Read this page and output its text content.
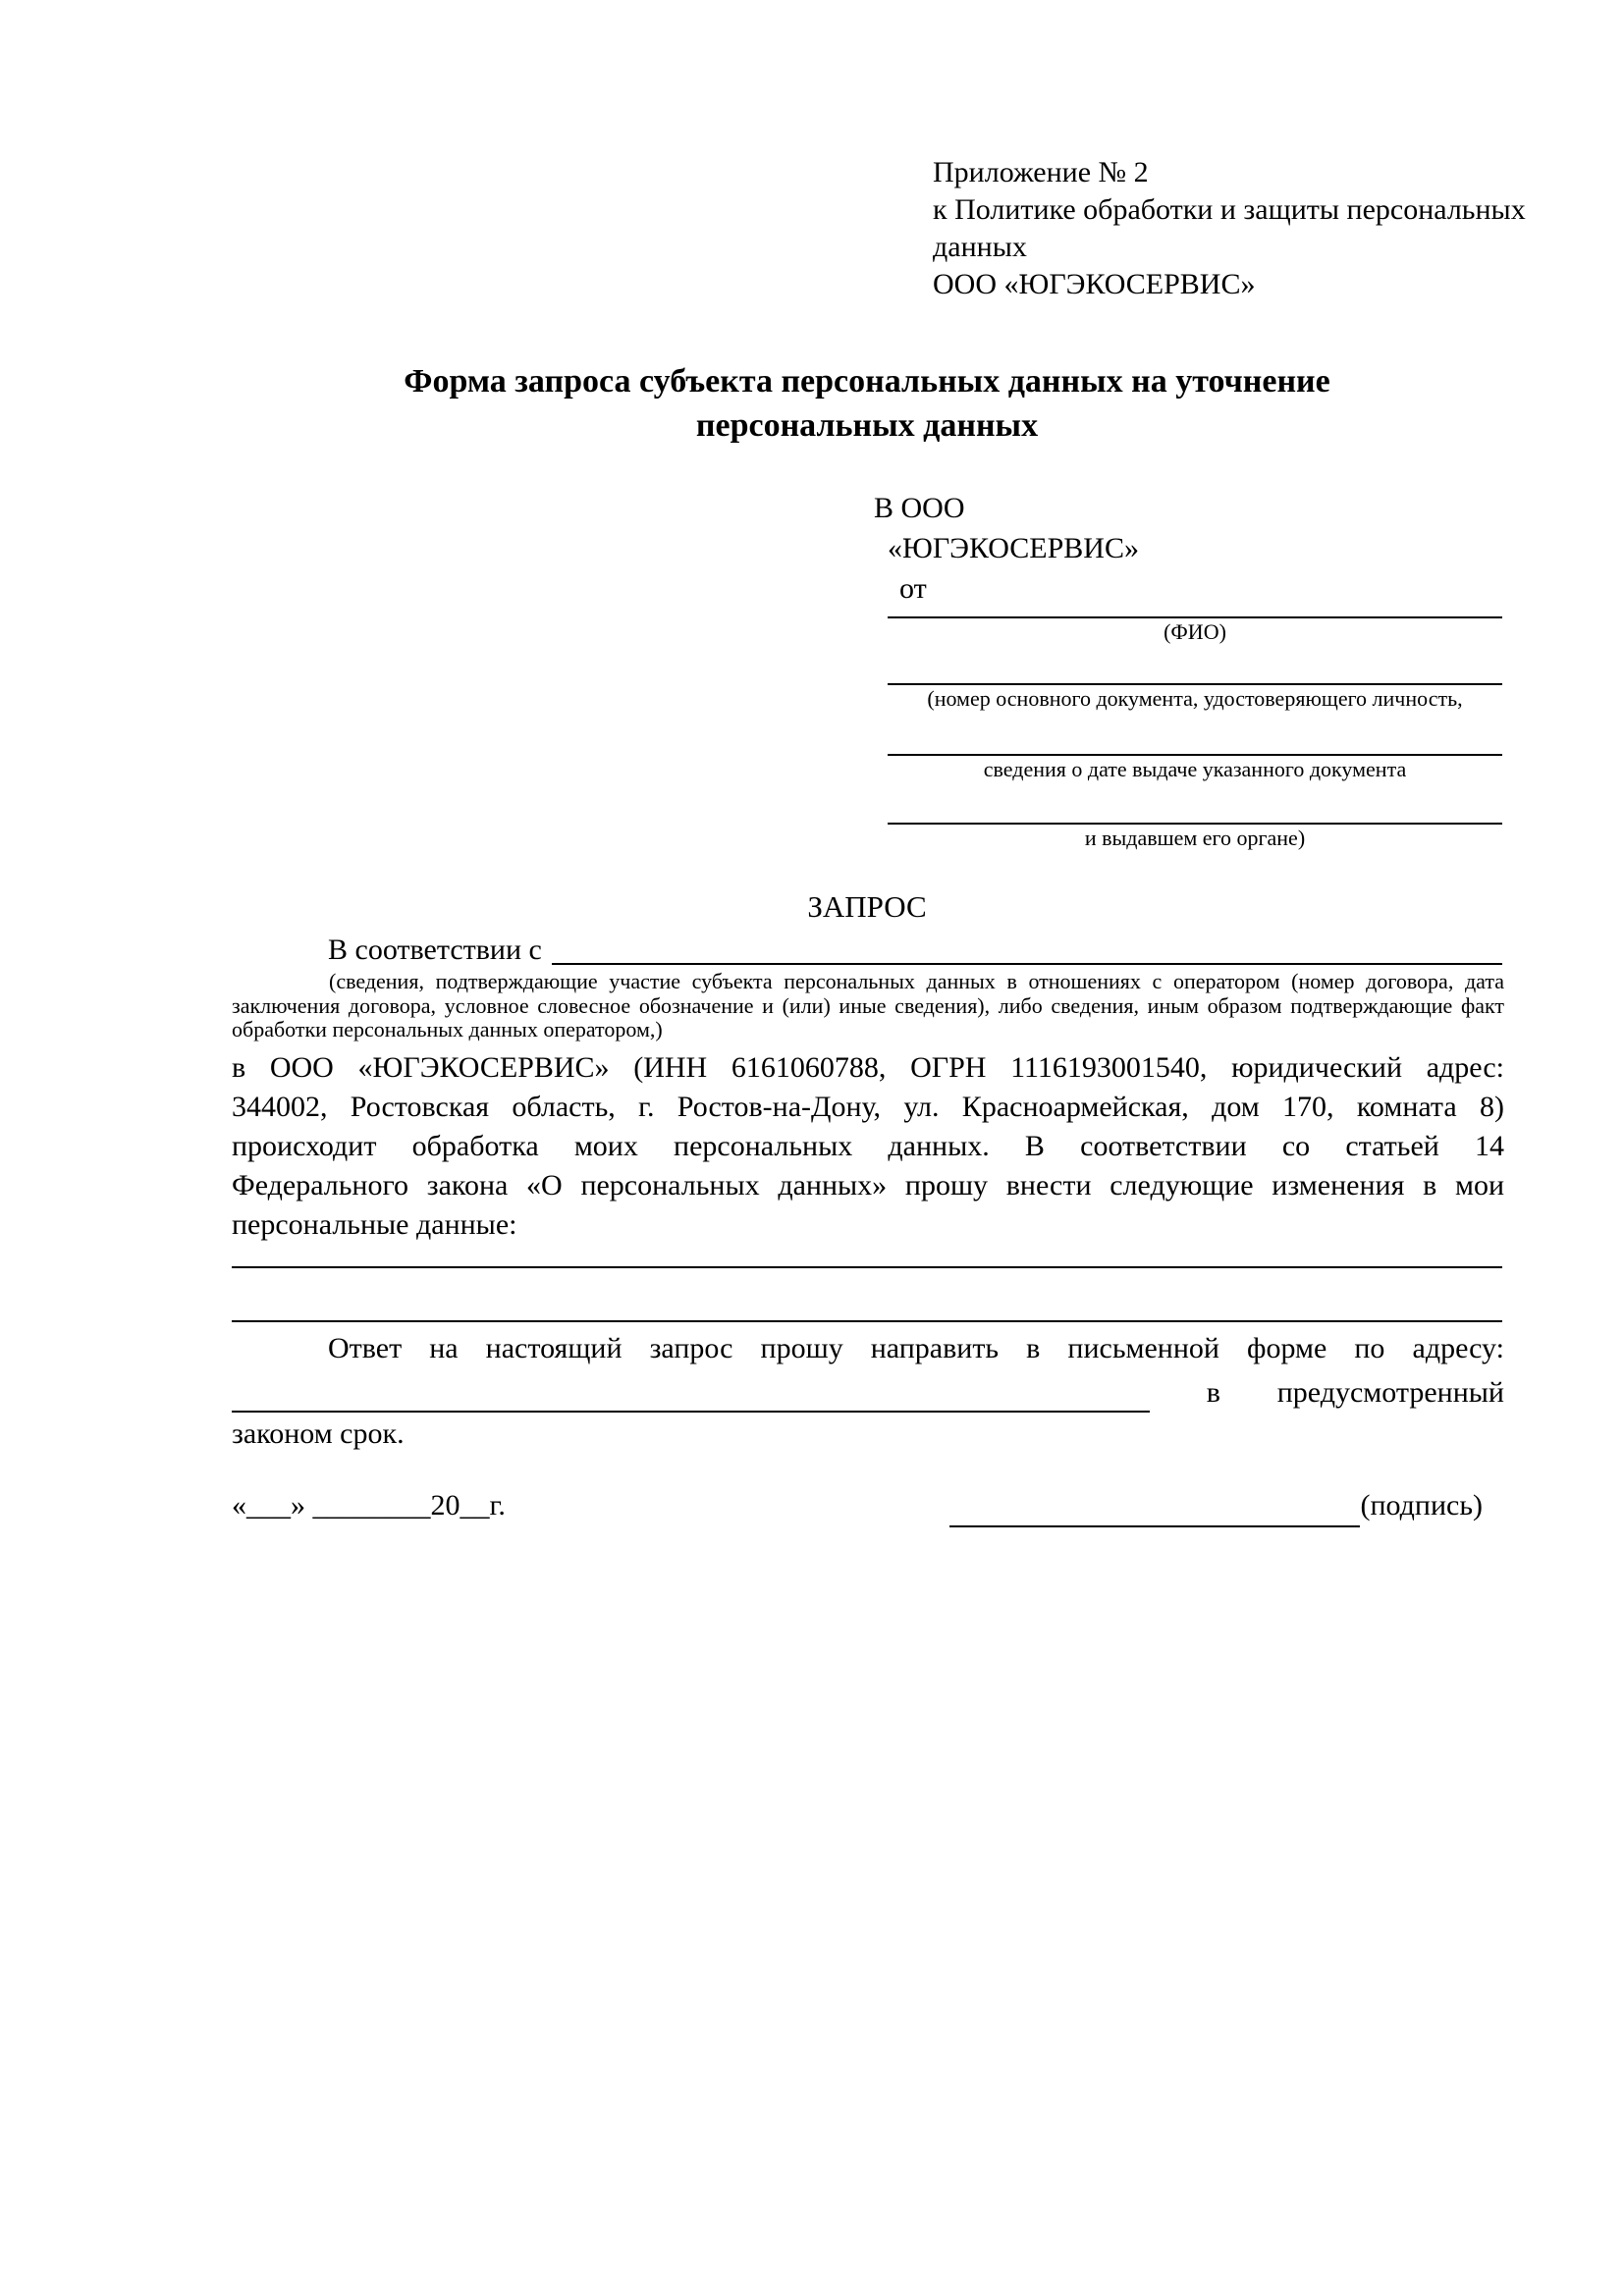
Приложение № 2
к Политике обработки и защиты персональных
данных
ООО «ЮГЭКОСЕРВИС»
Форма запроса субъекта персональных данных на уточнение
персональных данных
В ООО
«ЮГЭКОСЕРВИС»
от
(ФИО)
(номер основного документа, удостоверяющего личность,
сведения о дате выдаче указанного документа
и выдавшем его органе)
ЗАПРОС
В соответствии с
(сведения, подтверждающие участие субъекта персональных данных в отношениях с оператором (номер договора, дата
заключения договора, условное словесное обозначение и (или) иные сведения), либо сведения, иным образом подтверждающие факт
обработки персональных данных оператором,)
в ООО «ЮГЭКОСЕРВИС» (ИНН 6161060788, ОГРН 1116193001540, юридический адрес:
344002, Ростовская область, г. Ростов-на-Дону, ул. Красноармейская, дом 170, комната 8)
происходит обработка моих персональных данных. В соответствии со статьей 14
Федерального закона «О персональных данных» прошу внести следующие изменения в мои
персональные данные:
Ответ на настоящий запрос прошу направить в письменной форме по адресу:
в предусмотренный
законом срок.
«___» ________20__г.	(подпись)
